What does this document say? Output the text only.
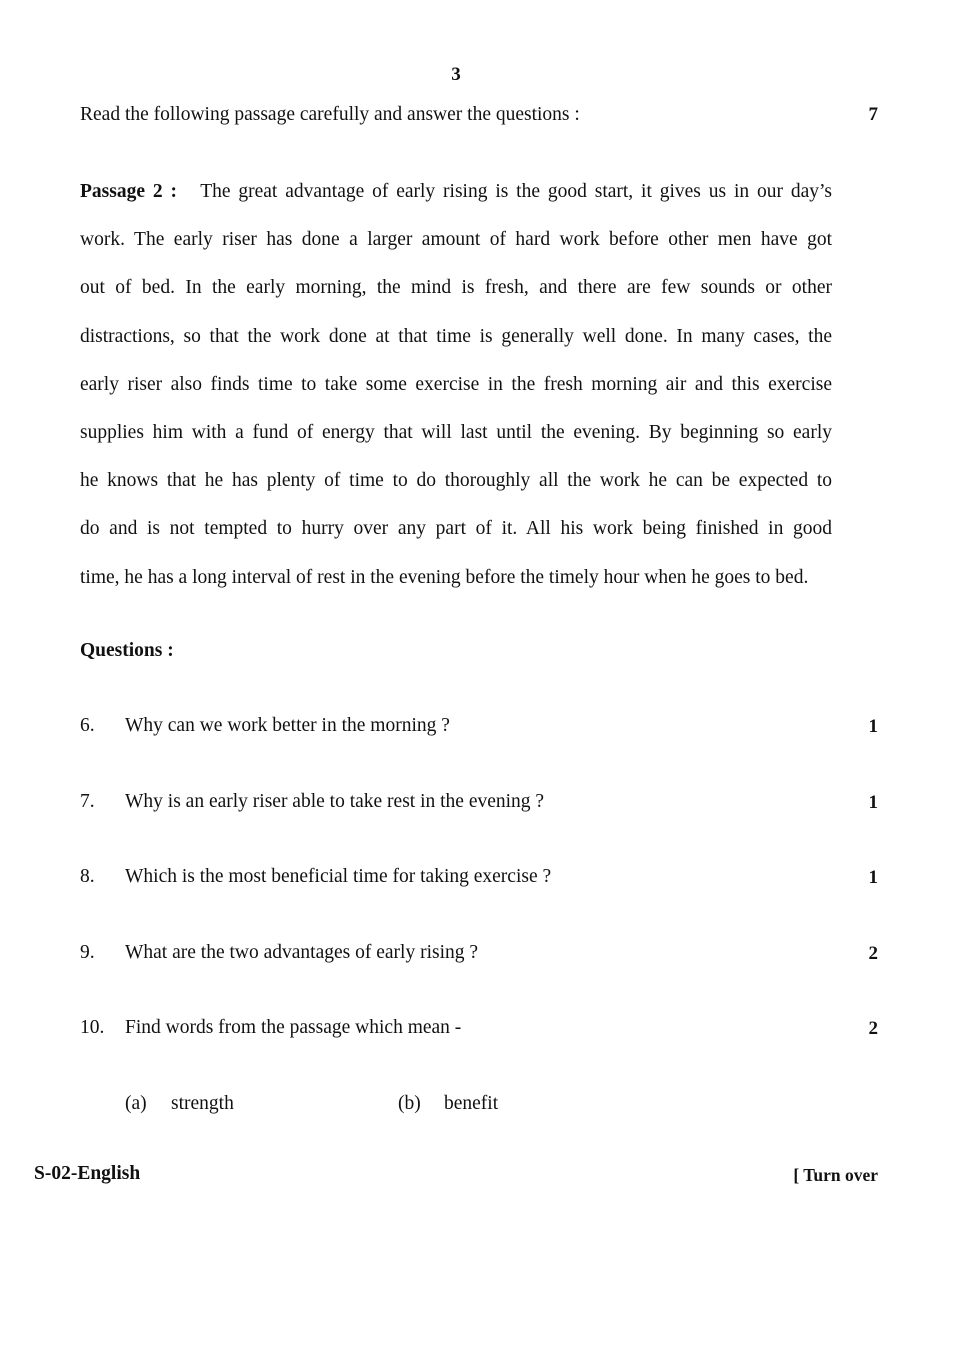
3
Read the following passage carefully and answer the questions :	7
Passage 2 : The great advantage of early rising is the good start, it gives us in our day’s
work. The early riser has done a larger amount of hard work before other men have got
out of bed. In the early morning, the mind is fresh, and there are few sounds or other
distractions, so that the work done at that time is generally well done. In many cases, the
early riser also finds time to take some exercise in the fresh morning air and this exercise
supplies him with a fund of energy that will last until the evening. By beginning so early
he knows that he has plenty of time to do thoroughly all the work he can be expected to
do and is not tempted to hurry over any part of it. All his work being finished in good
time, he has a long interval of rest in the evening before the timely hour when he goes to bed.
Questions :
6. Why can we work better in the morning ?	1
7. Why is an early riser able to take rest in the evening ?	1
8. Which is the most beneficial time for taking exercise ?	1
9. What are the two advantages of early rising ?	2
10. Find words from the passage which mean -	2
(a) strength	(b) benefit
S-02-English	[ Turn over
